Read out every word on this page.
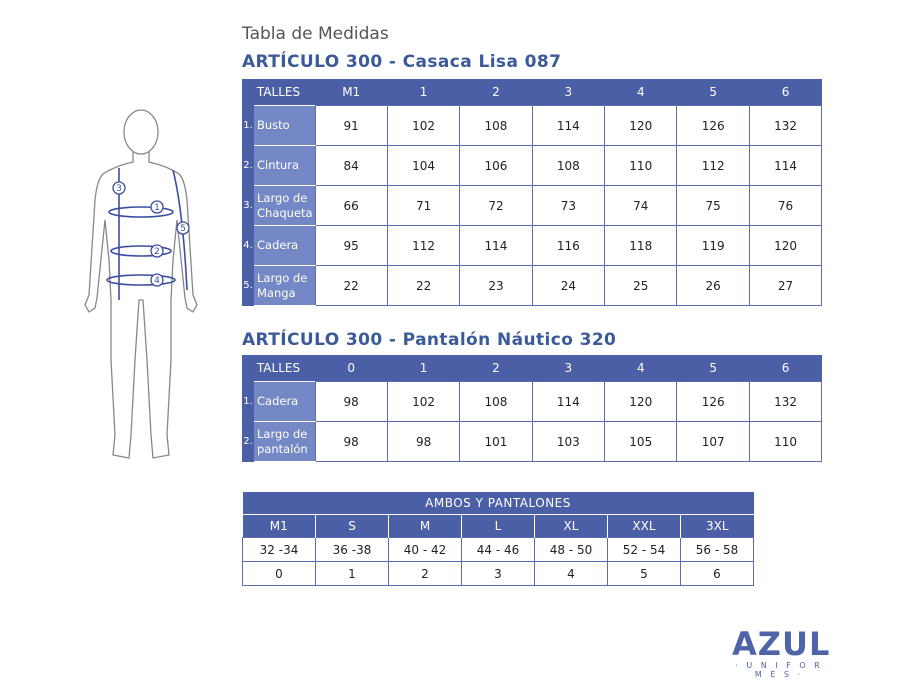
Tabla de Medidas
ARTÍCULO 300 - Casaca Lisa 087
TALLES		M1	1	2	3	4	5	6
1.	Busto	91	102	108	114	120	126	132
2.	Cintura	84	104	106	108	110	112	114
3.	Largo de Chaqueta	66	71	72	73	74	75	76
4.	Cadera	95	112	114	116	118	119	120
5.	Largo de Manga	22	22	23	24	25	26	27
ARTÍCULO 300 - Pantalón Náutico 320
TALLES		0	1	2	3	4	5	6
1.	Cadera	98	102	108	114	120	126	132
2.	Largo de pantalón	98	98	101	103	105	107	110
AMBOS Y PANTALONES						
M1	S	M	L	XL	XXL	3XL
32 -34	36 -38	40 - 42	44 - 46	48 - 50	52 - 54	56 - 58
0	1	2	3	4	5	6
1
2
3
4
5
AZUL
· U N I F O R M E S ·
